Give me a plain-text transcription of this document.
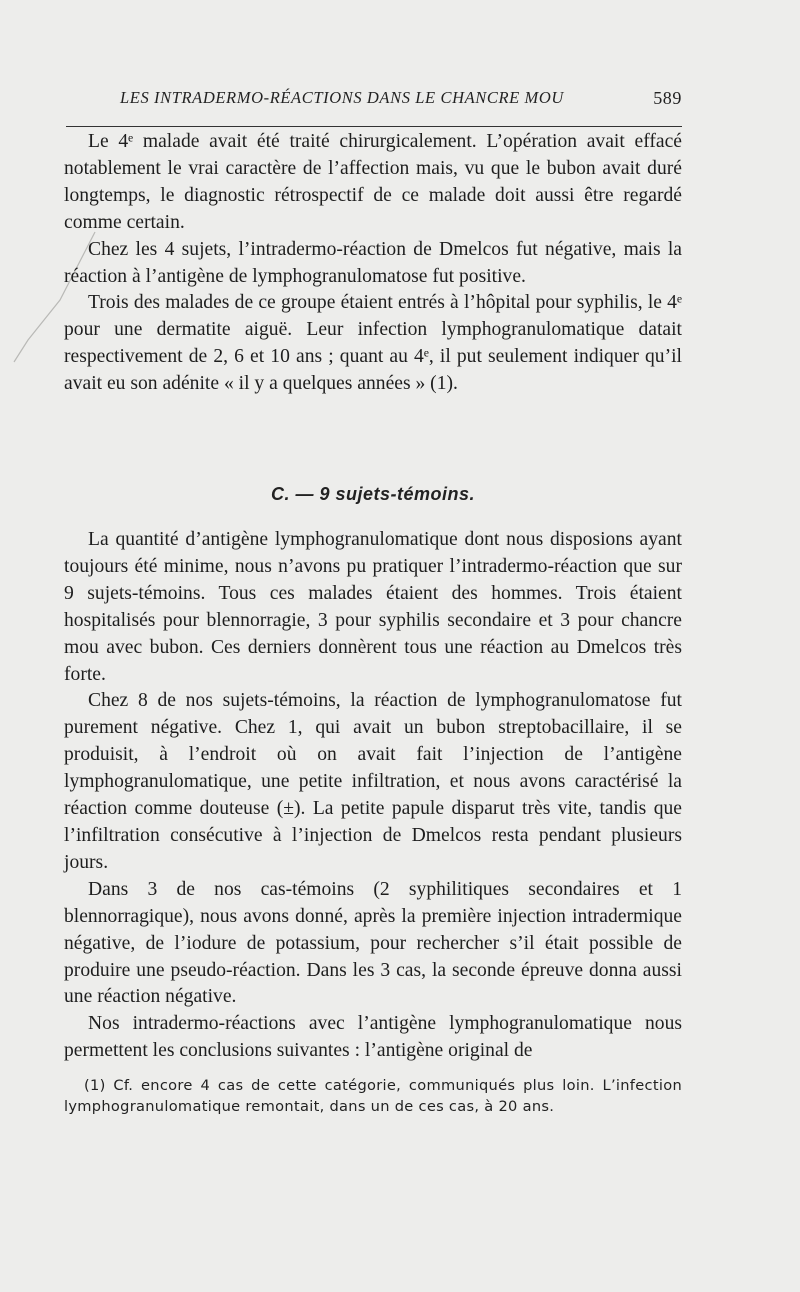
LES INTRADERMO-RÉACTIONS DANS LE CHANCRE MOU	589

Le 4ᵉ malade avait été traité chirurgicalement. L’opération avait effacé notablement le vrai caractère de l’affection mais, vu que le bubon avait duré longtemps, le diagnostic rétrospectif de ce malade doit aussi être regardé comme certain.

Chez les 4 sujets, l’intradermo-réaction de Dmelcos fut négative, mais la réaction à l’antigène de lymphogranulomatose fut positive.

Trois des malades de ce groupe étaient entrés à l’hôpital pour syphilis, le 4ᵉ pour une dermatite aiguë. Leur infection lymphogranulomatique datait respectivement de 2, 6 et 10 ans ; quant au 4ᵉ, il put seulement indiquer qu’il avait eu son adénite « il y a quelques années » (1).

C. — 9 sujets-témoins.

La quantité d’antigène lymphogranulomatique dont nous disposions ayant toujours été minime, nous n’avons pu pratiquer l’intradermo-réaction que sur 9 sujets-témoins. Tous ces malades étaient des hommes. Trois étaient hospitalisés pour blennorragie, 3 pour syphilis secondaire et 3 pour chancre mou avec bubon. Ces derniers donnèrent tous une réaction au Dmelcos très forte.

Chez 8 de nos sujets-témoins, la réaction de lymphogranulomatose fut purement négative. Chez 1, qui avait un bubon streptobacillaire, il se produisit, à l’endroit où on avait fait l’injection de l’antigène lymphogranulomatique, une petite infiltration, et nous avons caractérisé la réaction comme douteuse (±). La petite papule disparut très vite, tandis que l’infiltration consécutive à l’injection de Dmelcos resta pendant plusieurs jours.

Dans 3 de nos cas-témoins (2 syphilitiques secondaires et 1 blennorragique), nous avons donné, après la première injection intradermique négative, de l’iodure de potassium, pour rechercher s’il était possible de produire une pseudo-réaction. Dans les 3 cas, la seconde épreuve donna aussi une réaction négative.

Nos intradermo-réactions avec l’antigène lymphogranulomatique nous permettent les conclusions suivantes : l’antigène original de

(1) Cf. encore 4 cas de cette catégorie, communiqués plus loin. L’infection lymphogranulomatique remontait, dans un de ces cas, à 20 ans.
